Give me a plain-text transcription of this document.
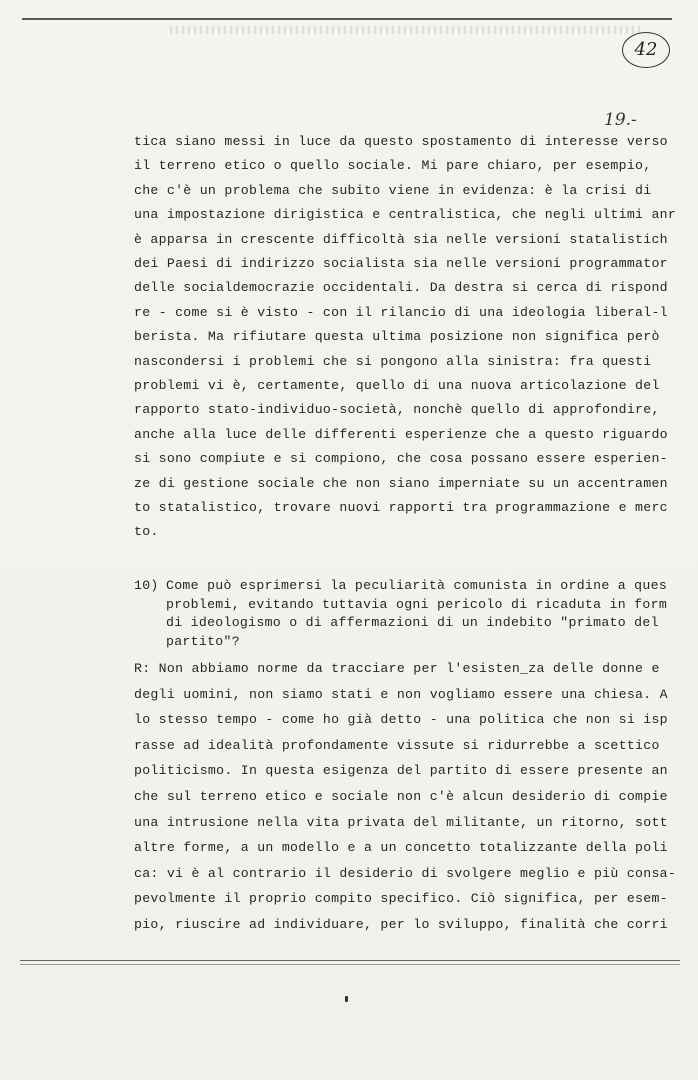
42
19.-
tica siano messi in luce da questo spostamento di interesse verso
il terreno etico o quello sociale. Mi pare chiaro, per esempio,
che c'è un problema che subito viene in evidenza: è la crisi di
una impostazione dirigistica e centralistica, che negli ultimi anr
è apparsa in crescente difficoltà sia nelle versioni statalistich
dei Paesi di indirizzo socialista sia nelle versioni programmator
delle socialdemocrazie occidentali. Da destra si cerca di rispond
re - come si è visto - con il rilancio di una ideologia liberal-l
berista. Ma rifiutare questa ultima posizione non significa però
nascondersi i problemi che si pongono alla sinistra: fra questi
problemi vi è, certamente, quello di una nuova articolazione del
rapporto stato-individuo-società, nonchè quello di approfondire,
anche alla luce delle differenti esperienze che a questo riguardo
si sono compiute e si compiono, che cosa possano essere esperien-
ze di gestione sociale che non siano imperniate su un accentramen
to statalistico, trovare nuovi rapporti tra programmazione e merc
to.
10) Come può esprimersi la peculiarità comunista in ordine a ques
problemi, evitando tuttavia ogni pericolo di ricaduta in form
di ideologismo o di affermazioni di un indebito "primato del
partito"?
R: Non abbiamo norme da tracciare per l'esisten_za delle donne e
degli uomini, non siamo stati e non vogliamo essere una chiesa. A
lo stesso tempo - come ho già detto - una politica che non si isp
rasse ad idealità profondamente vissute si ridurrebbe a scettico
politicismo. In questa esigenza del partito di essere presente an
che sul terreno etico e sociale non c'è alcun desiderio di compie
una intrusione nella vita privata del militante, un ritorno, sott
altre forme, a un modello e a un concetto totalizzante della poli
ca: vi è al contrario il desiderio di svolgere meglio e più consa-
pevolmente il proprio compito specifico. Ciò significa, per esem-
pio, riuscire ad individuare, per lo sviluppo, finalità che corri
